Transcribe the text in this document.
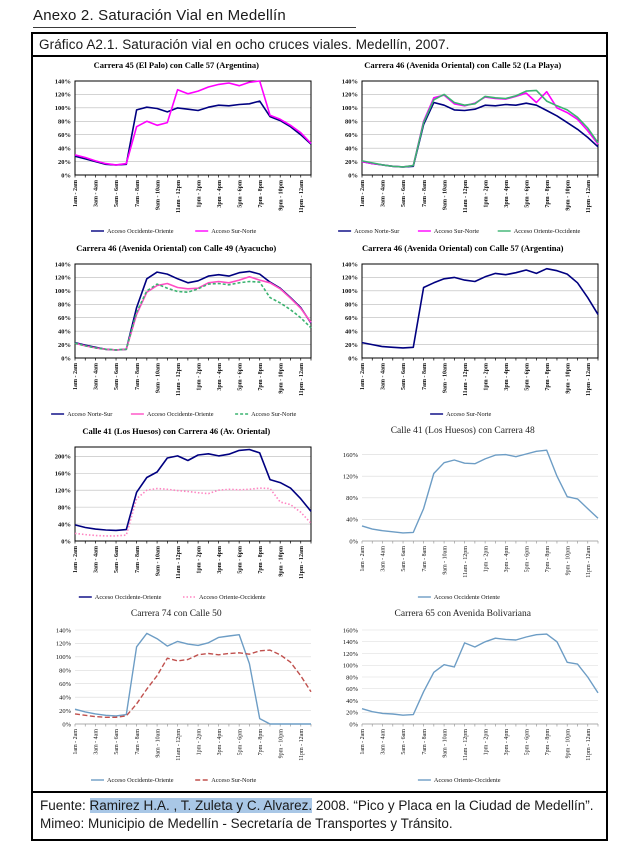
Anexo 2. Saturación Vial en Medellín
Gráfico A2.1. Saturación vial en ocho cruces viales. Medellín, 2007.
Carrera 45 (El Palo) con Calle 57 (Argentina)
0%
20%
40%
60%
80%
100%
120%
140%
1am - 2am 3am - 4am 5am - 6am 7am - 8am 9am - 10am 11am - 12pm 1pm - 2pm 3pm - 4pm 5pm - 6pm 7pm - 8pm 9pm - 10pm 11pm - 12am
Acceso Occidente-Oriente	Acceso Sur-Norte
Carrera 46 (Avenida Oriental) con Calle 52 (La Playa)
0%
20%
40%
60%
80%
100%
120%
140%
1am - 2am 3am - 4am 5am - 6am 7am - 8am 9am - 10am 11am - 12pm 1pm - 2pm 3pm - 4pm 5pm - 6pm 7pm - 8pm 9pm - 10pm 11pm - 12am
Acceso Norte-Sur	Acceso Sur-Norte	Acceso Oriente-Occidente
Carrera 46 (Avenida Oriental) con Calle 49 (Ayacucho)
0%
20%
40%
60%
80%
100%
120%
140%
1am - 2am 3am - 4am 5am - 6am 7am - 8am 9am - 10am 11am - 12pm 1pm - 2pm 3pm - 4pm 5pm - 6pm 7pm - 8pm 9pm - 10pm 11pm - 12am
Acceso Norte-Sur	Acceso Occidente-Oriente	Acceso Sur-Norte
Carrera 46 (Avenida Oriental) con Calle 57 (Argentina)
0%
20%
40%
60%
80%
100%
120%
140%
1am - 2am 3am - 4am 5am - 6am 7am - 8am 9am - 10am 11am - 12pm 1pm - 2pm 3pm - 4pm 5pm - 6pm 7pm - 8pm 9pm - 10pm 11pm - 12am
Acceso Sur-Norte
Calle 41 (Los Huesos) con Carrera 46 (Av. Oriental)
0%
40%
80%
120%
160%
200%
1am - 2am 3am - 4am 5am - 6am 7am - 8am 9am - 10am 11am - 12pm 1pm - 2pm 3pm - 4pm 5pm - 6pm 7pm - 8pm 9pm - 10pm 11pm - 12am
Acceso Occidente-Oriente	Acceso Oriente-Occidente
Calle 41 (Los Huesos) con Carrera 48
0%
40%
80%
120%
160%
1am - 2am 3am - 4am 5am - 6am 7am - 8am 9am - 10am 11am - 12pm 1pm - 2pm 3pm - 4pm 5pm - 6pm 7pm - 8pm 9pm - 10pm 11pm - 12am
Acceso Occidente Oriente
Carrera 74 con Calle 50
0%
20%
40%
60%
80%
100%
120%
140%
1am - 2am 3am - 4am 5am - 6am 7am - 8am 9am - 10am 11am - 12pm 1pm - 2pm 3pm - 4pm 5pm - 6pm 7pm - 8pm 9pm - 10pm 11pm - 12am
Acceso Occidente-Oriente	Acceso Sur-Norte
Carrera 65 con Avenida Bolivariana
0%
20%
40%
60%
80%
100%
120%
140%
160%
1am - 2am 3am - 4am 5am - 6am 7am - 8am 9am - 10am 11am - 12pm 1pm - 2pm 3pm - 4pm 5pm - 6pm 7pm - 8pm 9pm - 10pm 11pm - 12am
Acceso Oriente-Occidente
Fuente: Ramirez H.A. , T. Zuleta y C. Alvarez. 2008. “Pico y Placa en la Ciudad de Medellín”. Mimeo: Municipio de Medellín - Secretaría de Transportes y Tránsito.
